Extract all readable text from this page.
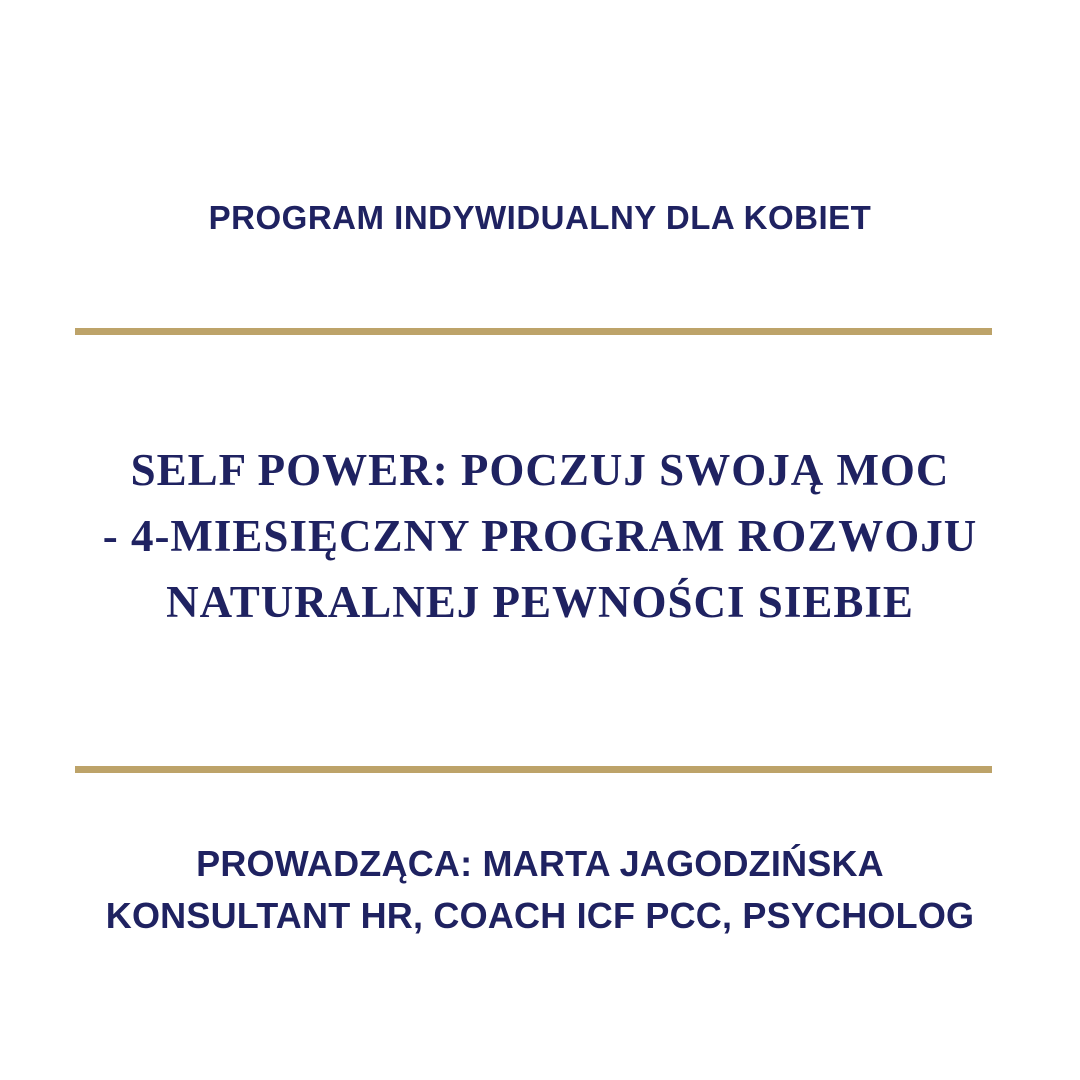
PROGRAM INDYWIDUALNY DLA KOBIET
SELF POWER: POCZUJ SWOJĄ MOC
- 4-MIESIĘCZNY PROGRAM ROZWOJU
NATURALNEJ PEWNOŚCI SIEBIE
PROWADZĄCA: MARTA JAGODZIŃSKA
KONSULTANT HR, COACH ICF PCC, PSYCHOLOG
